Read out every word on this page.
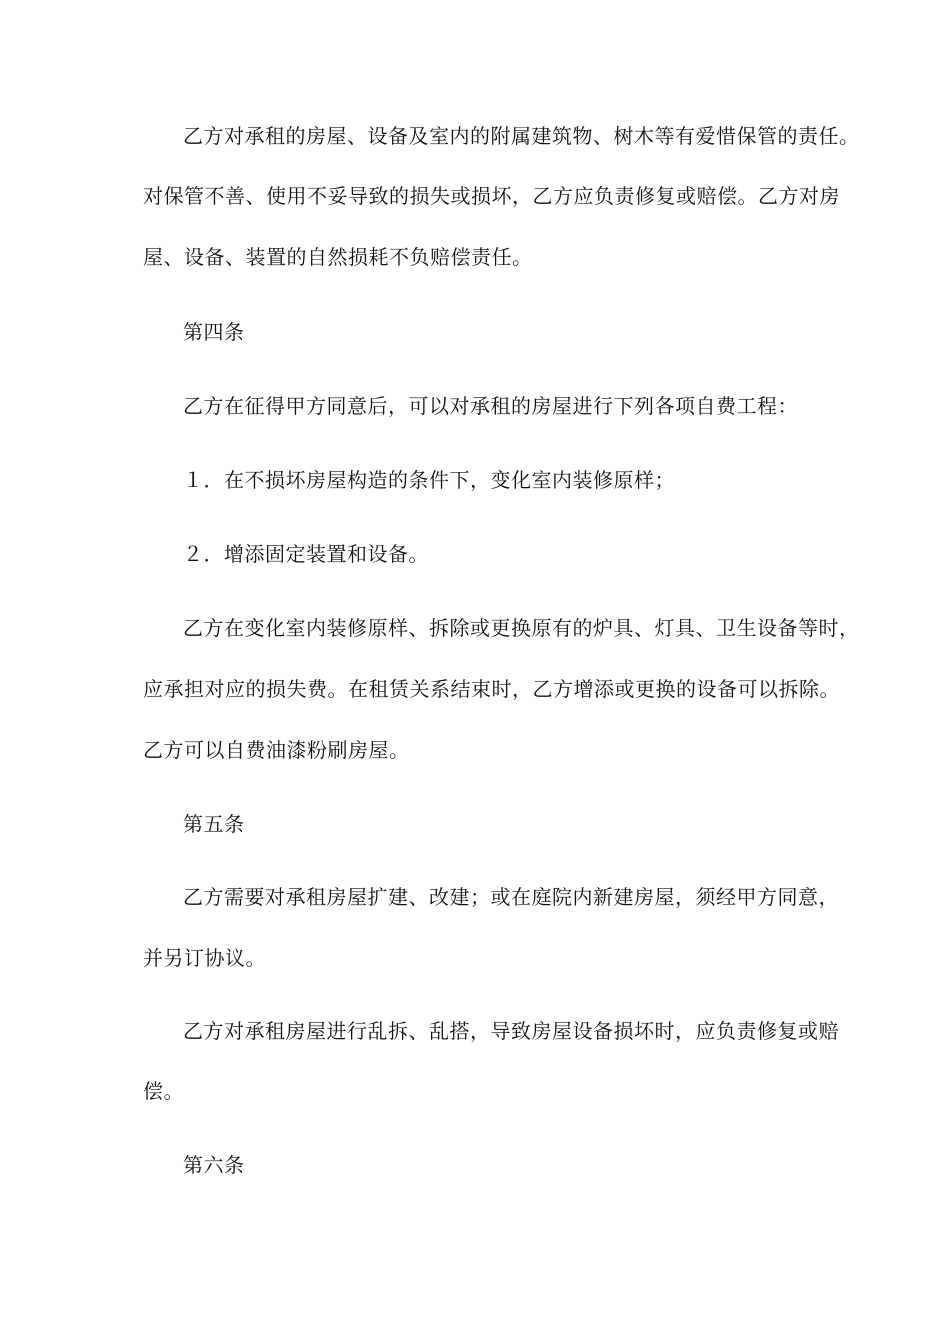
乙方对承租的房屋、设备及室内的附属建筑物、树木等有爱惜保管的责任。
对保管不善、使用不妥导致的损失或损坏，乙方应负责修复或赔偿。乙方对房
屋、设备、装置的自然损耗不负赔偿责任。
第四条
乙方在征得甲方同意后，可以对承租的房屋进行下列各项自费工程：
１．在不损坏房屋构造的条件下，变化室内装修原样；
２．增添固定装置和设备。
乙方在变化室内装修原样、拆除或更换原有的炉具、灯具、卫生设备等时，
应承担对应的损失费。在租赁关系结束时，乙方增添或更换的设备可以拆除。
乙方可以自费油漆粉刷房屋。
第五条
乙方需要对承租房屋扩建、改建；或在庭院内新建房屋，须经甲方同意，
并另订协议。
乙方对承租房屋进行乱拆、乱搭，导致房屋设备损坏时，应负责修复或赔
偿。
第六条
